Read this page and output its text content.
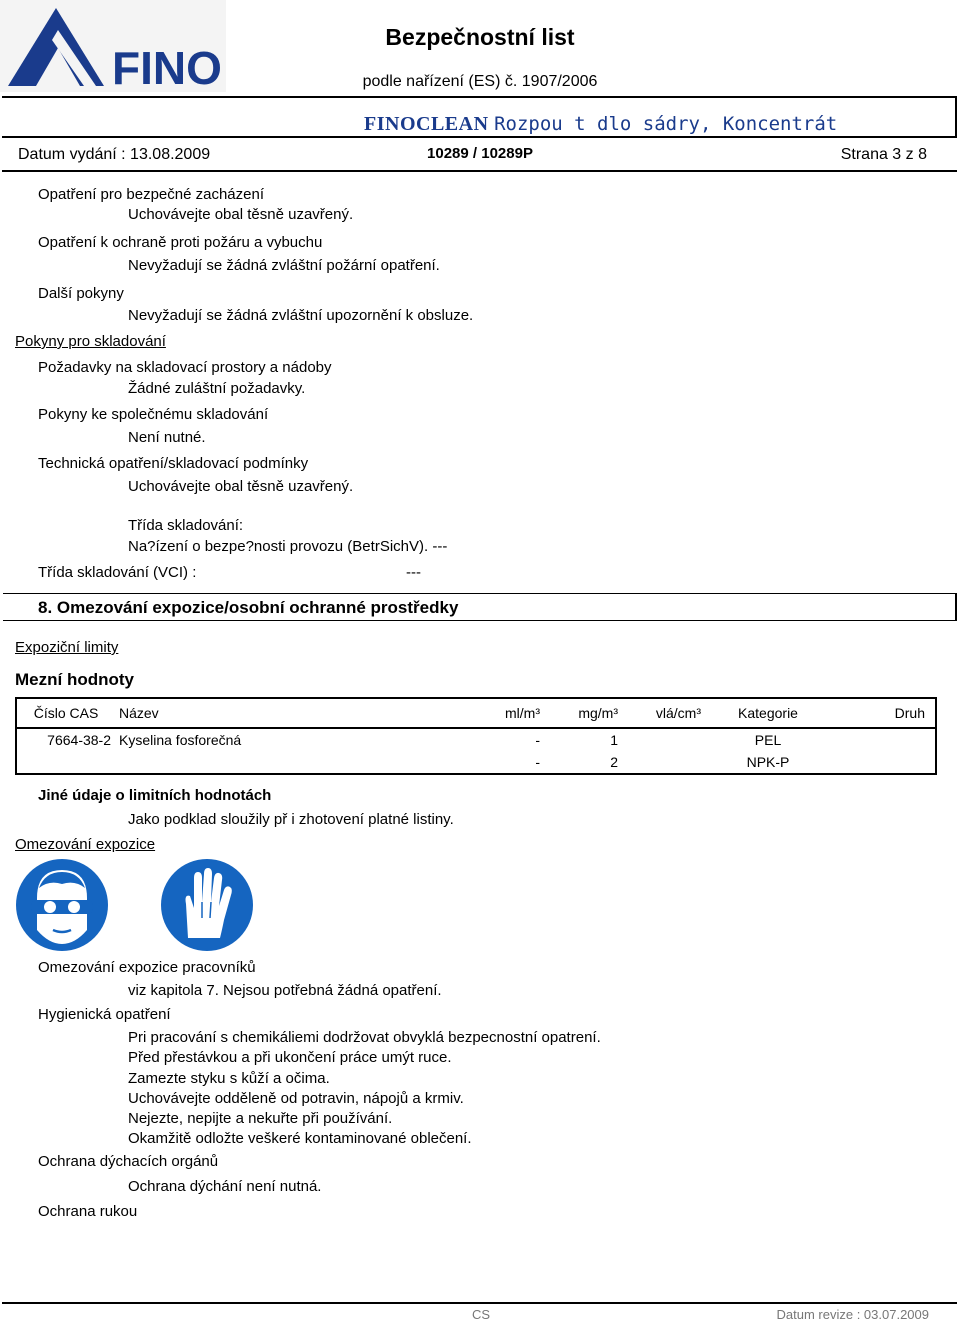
FINO
Bezpečnostní list
podle nařízení (ES) č. 1907/2006
FINOCLEAN Rozpou t dlo sádry, Koncentrát
Datum vydání : 13.08.2009	10289 / 10289P	Strana 3 z 8
Opatření pro bezpečné zacházení
Uchovávejte obal těsně uzavřený.
Opatření k ochraně proti požáru a vybuchu
Nevyžadují se žádná zvláštní požární opatření.
Další pokyny
Nevyžadují se žádná zvláštní upozornění k obsluze.
Pokyny pro skladování
Požadavky na skladovací prostory a nádoby
Žádné zuláštní požadavky.
Pokyny ke společnému skladování
Není nutné.
Technická opatření/skladovací podmínky
Uchovávejte obal těsně uzavřený.
Třída skladování:
Na?ízení o bezpe?nosti provozu (BetrSichV). ---
Třída skladování (VCI) :	---
8. Omezování expozice/osobní ochranné prostředky
Expoziční limity
Mezní hodnoty
Číslo CAS	Název	ml/m³	mg/m³	vlá/cm³	Kategorie	Druh
7664-38-2	Kyselina fosforečná	-	1		PEL	
		-	2		NPK-P	
Jiné údaje o limitních hodnotách
Jako podklad sloužily př i zhotovení platné listiny.
Omezování expozice
Omezování expozice pracovníků
viz kapitola 7. Nejsou potřebná žádná opatření.
Hygienická opatření
Pri pracování s chemikáliemi dodržovat obvyklá bezpecnostní opatrení.
Před přestávkou a při ukončení práce umýt ruce.
Zamezte styku s kůží a očima.
Uchovávejte odděleně od potravin, nápojů a krmiv.
Nejezte, nepijte a nekuřte při používání.
Okamžitě odložte veškeré kontaminované oblečení.
Ochrana dýchacích orgánů
Ochrana dýchání není nutná.
Ochrana rukou
CS	Datum revize : 03.07.2009
